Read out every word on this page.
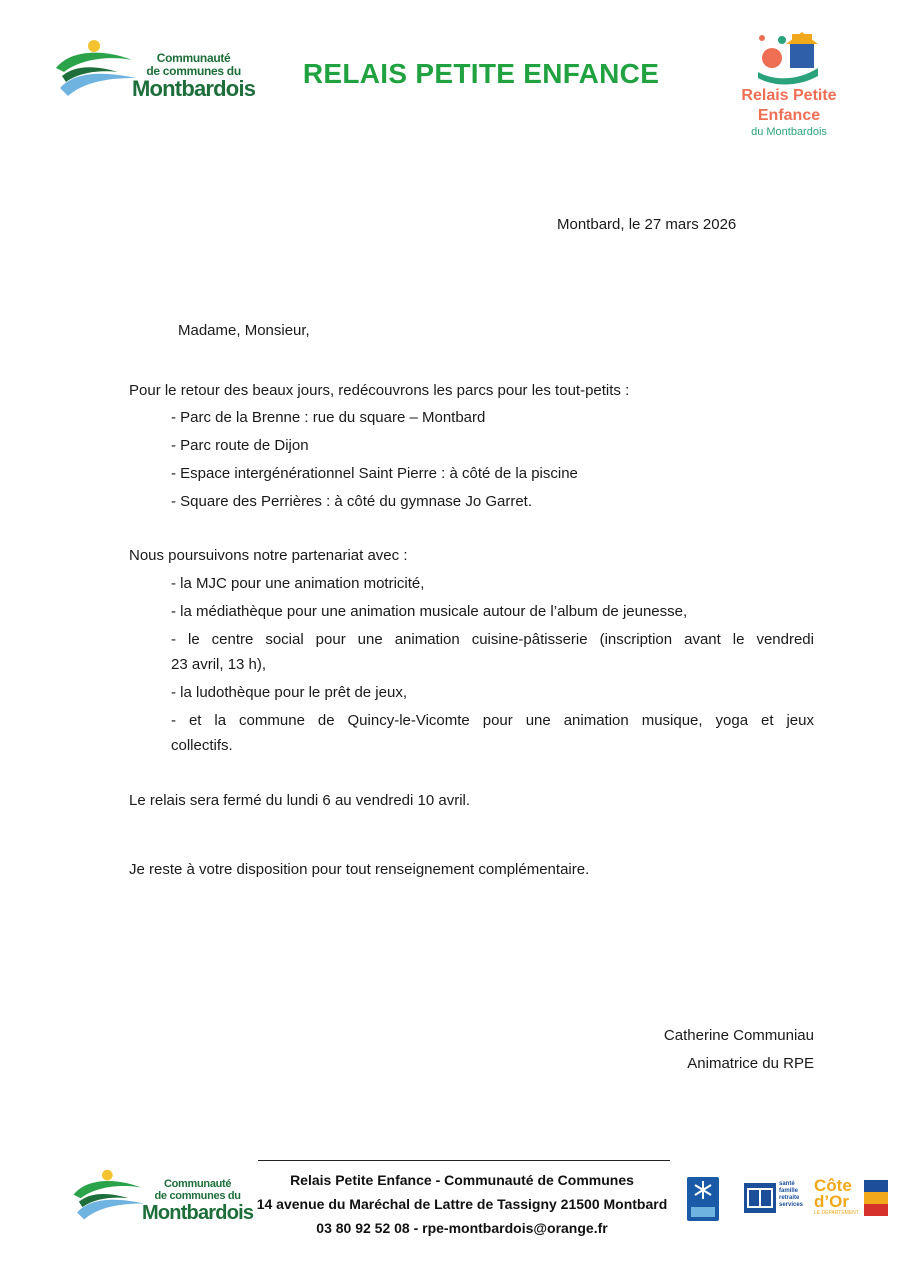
Communauté
de communes du
Montbardois RELAIS PETITE ENFANCE
Relais Petite
Enfance
du Montbardois
Montbard, le 27 mars 2026
Madame, Monsieur,
Pour le retour des beaux jours, redécouvrons les parcs pour les tout-petits :
- Parc de la Brenne : rue du square – Montbard
- Parc route de Dijon
- Espace intergénérationnel Saint Pierre : à côté de la piscine
- Square des Perrières : à côté du gymnase Jo Garret.
Nous poursuivons notre partenariat avec :
- la MJC pour une animation motricité,
- la médiathèque pour une animation musicale autour de l’album de jeunesse,
- le centre social pour une animation cuisine-pâtisserie (inscription avant le vendredi
23 avril, 13 h),
- la ludothèque pour le prêt de jeux,
- et la commune de Quincy-le-Vicomte pour une animation musique, yoga et jeux
collectifs.
Le relais sera fermé du lundi 6 au vendredi 10 avril.
Je reste à votre disposition pour tout renseignement complémentaire.
Catherine Communiau
Animatrice du RPE
Communauté
de communes du
Montbardois
Relais Petite Enfance - Communauté de Communes
14 avenue du Maréchal de Lattre de Tassigny 21500 Montbard
03 80 92 52 08 - rpe-montbardois@orange.fr
santé
famille
retraite
services
Côte
d’Or
LE DÉPARTEMENT
